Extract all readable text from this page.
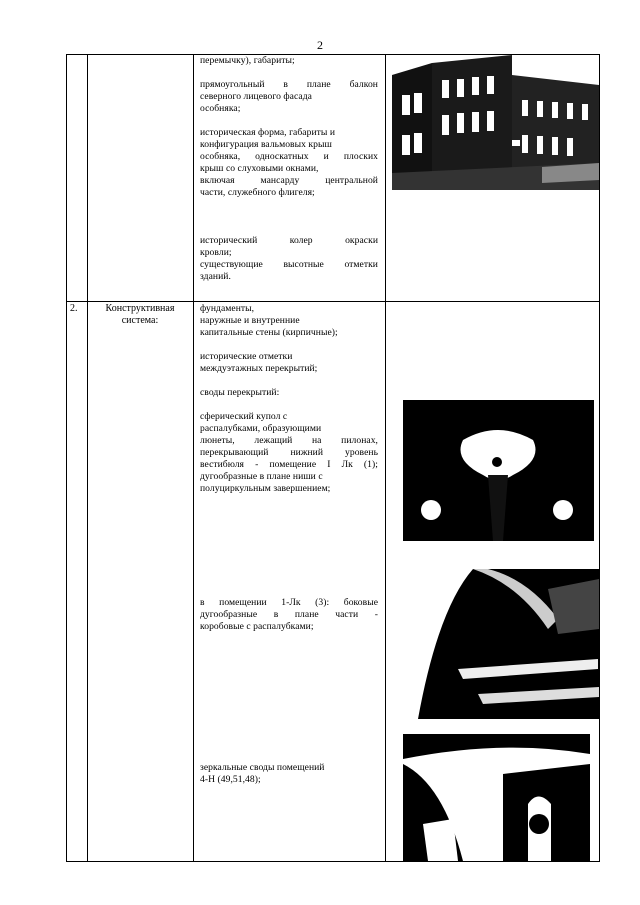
2
перемычку), габариты;
прямоугольный в плане балкон
северного лицевого фасада
особняка;
историческая форма, габариты и
конфигурация вальмовых крыш
особняка, односкатных и плоских
крыш со слуховыми окнами,
включая мансарду центральной
части, служебного флигеля;
исторический колер окраски
кровли;
существующие высотные отметки
зданий.
2.	Конструктивная система:
фундаменты,
наружные и внутренние
капитальные стены (кирпичные);
исторические отметки
междуэтажных перекрытий;
своды перекрытий:
сферический купол с
распалубками, образующими
люнеты, лежащий на пилонах,
перекрывающий нижний уровень
вестибюля - помещение I Лк (1);
дугообразные в плане ниши с
полуциркульным завершением;
в помещении 1-Лк (3): боковые
дугообразные в плане части -
коробовые с распалубками;
зеркальные своды помещений
4-Н (49,51,48);
